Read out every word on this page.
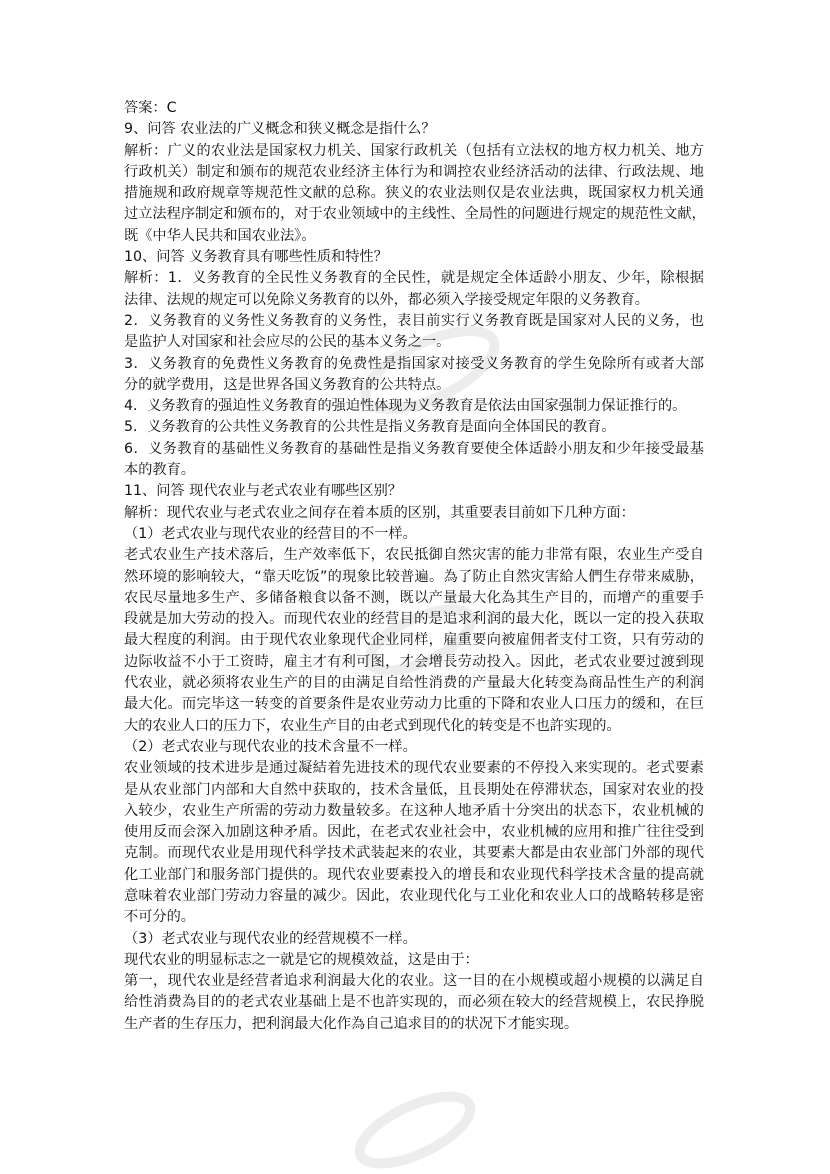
答案：C
9、问答 农业法的广义概念和狭义概念是指什么？
解析：广义的农业法是国家权力机关、国家行政机关（包括有立法权的地方权力机关、地方
行政机关）制定和颁布的规范农业经济主体行为和调控农业经济活动的法律、行政法规、地
措施规和政府规章等规范性文献的总称。狭义的农业法则仅是农业法典，既国家权力机关通
过立法程序制定和颁布的，对于农业领域中的主线性、全局性的问题进行规定的规范性文献，
既《中华人民共和国农业法》。
10、问答 义务教育具有哪些性质和特性？
解析：1．义务教育的全民性义务教育的全民性，就是规定全体适龄小朋友、少年，除根据
法律、法规的规定可以免除义务教育的以外，都必须入学接受规定年限的义务教育。
2．义务教育的义务性义务教育的义务性，表目前实行义务教育既是国家对人民的义务，也
是监护人对国家和社会应尽的公民的基本义务之一。
3．义务教育的免费性义务教育的免费性是指国家对接受义务教育的学生免除所有或者大部
分的就学费用，这是世界各国义务教育的公共特点。
4．义务教育的强迫性义务教育的强迫性体现为义务教育是依法由国家强制力保证推行的。
5．义务教育的公共性义务教育的公共性是指义务教育是面向全体国民的教育。
6．义务教育的基础性义务教育的基础性是指义务教育要使全体适龄小朋友和少年接受最基
本的教育。
11、问答 现代农业与老式农业有哪些区别？
解析：现代农业与老式农业之间存在着本质的区别，其重要表目前如下几种方面：
（1）老式农业与现代农业的经营目的不一样。
老式农业生产技术落后，生产效率低下，农民抵御自然灾害的能力非常有限，农业生产受自
然环境的影响较大，“靠天吃饭”的現象比较普遍。為了防止自然灾害給人們生存带来威胁，
农民尽量地多生产、多储备粮食以备不测，既以产量最大化為其生产目的，而增产的重要手
段就是加大劳动的投入。而现代农业的经营目的是追求利润的最大化，既以一定的投入获取
最大程度的利润。由于现代农业象现代企业同样，雇重要向被雇佣者支付工资，只有劳动的
边际收益不小于工资時，雇主才有利可图，才会增長劳动投入。因此，老式农业要过渡到现
代农业，就必须将农业生产的目的由满足自给性消费的产量最大化转变為商品性生产的利润
最大化。而完毕这一转变的首要条件是农业劳动力比重的下降和农业人口压力的缓和，在巨
大的农业人口的压力下，农业生产目的由老式到现代化的转变是不也許实现的。
（2）老式农业与现代农业的技术含量不一样。
农业领域的技术进步是通过凝結着先进技术的现代农业要素的不停投入来实现的。老式要素
是从农业部门内部和大自然中获取的，技术含量低，且長期处在停滞状态，国家对农业的投
入较少，农业生产所需的劳动力数量较多。在这种人地矛盾十分突出的状态下，农业机械的
使用反而会深入加剧这种矛盾。因此，在老式农业社会中，农业机械的应用和推广往往受到
克制。而现代农业是用现代科学技术武装起来的农业，其要素大都是由农业部门外部的现代
化工业部门和服务部门提供的。现代农业要素投入的增長和农业现代科学技术含量的提高就
意味着农业部门劳动力容量的减少。因此，农业现代化与工业化和农业人口的战略转移是密
不可分的。
（3）老式农业与现代农业的经营规模不一样。
现代农业的明显标志之一就是它的规模效益，这是由于：
第一，现代农业是经营者追求利润最大化的农业。这一目的在小规模或超小规模的以满足自
给性消费為目的的老式农业基础上是不也許实现的，而必须在较大的经营规模上，农民挣脱
生产者的生存压力，把利润最大化作為自己追求目的的状况下才能实现。
